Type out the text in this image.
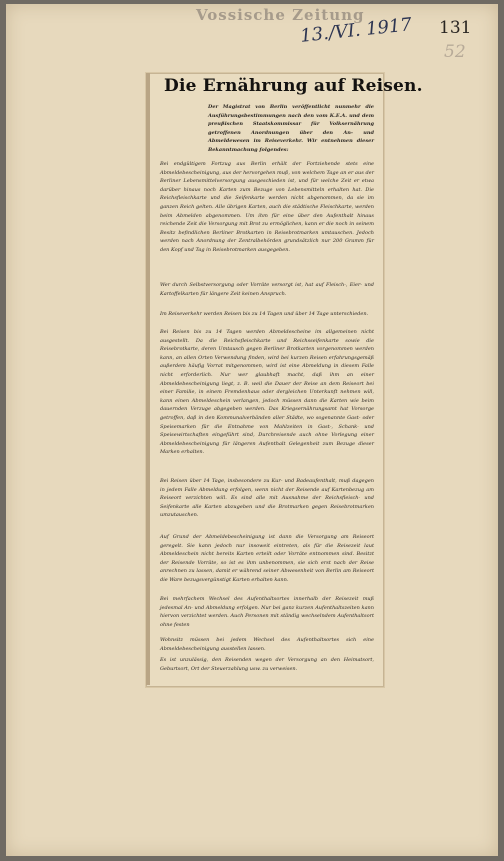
Vossische Zeitung
13./VI. 1917 131
52
Die Ernährung auf Reisen.
Der Magistrat von Berlin veröffentlicht nunmehr die Ausführungsbestimmungen nach den vom K.E.A. und dem preußischen Staatskommissar für Volksernährung getroffenen Anordnungen über den An- und Abmeldewesen im Reiseverkehr. Wir entnehmen dieser Bekanntmachung folgendes:
Bei endgültigem Fortzug aus Berlin erhält der Fortziehende stets eine Abmeldebescheinigung, aus der hervorgehen muß, von welchem Tage an er aus der Berliner Lebensmittelversorgung ausgeschieden ist, und für welche Zeit er etwa darüber hinaus noch Karten zum Bezuge von Lebensmitteln erhalten hat. Die Reichsfleischkarte und die Seifenkarte werden nicht abgenommen, da sie im ganzen Reich gelten. Alle übrigen Karten, auch die städtische Fleischkarte, werden beim Abmelden abgenommen. Um ihm für eine über den Aufenthalt hinaus reichende Zeit die Versorgung mit Brot zu ermöglichen, kann er die noch in seinem Besitz befindlichen Berliner Brotkarten in Reisebrotmarken umtauschen. Jedoch werden nach Anordnung der Zentralbehörden grundsätzlich nur 200 Gramm für den Kopf und Tag in Reisebrotmarken ausgegeben.
Wer durch Selbstversorgung oder Vorräte versorgt ist, hat auf Fleisch-, Eier- und Kartoffelkarten für längere Zeit keinen Anspruch.
Im Reiseverkehr werden Reisen bis zu 14 Tagen und über 14 Tage unterschieden.
Bei Reisen bis zu 14 Tagen werden Abmeldescheine im allgemeinen nicht ausgestellt. Da die Reichsfleischkarte und Reichsseifenkarte sowie die Reisebrotkarte, deren Umtausch gegen Berliner Brotkarten vorgenommen werden kann, an allen Orten Verwendung finden, wird bei kurzen Reisen erfahrungsgemäß außerdem häufig Vorrat mitgenommen, wird ist eine Abmeldung in diesem Falle nicht erforderlich. Nur wer glaubhaft macht, daß ihm an einer Abmeldebescheinigung liegt, z. B. weil die Dauer der Reise an dem Reiseort bei einer Familie, in einem Fremdenhaus oder dergleichen Unterkunft nehmen will, kann einen Abmeldeschein verlangen, jedoch müssen dann die Karten wie beim dauernden Verzuge abgegeben werden. Das Kriegsernährungsamt hat Vorsorge getroffen, daß in den Kommunalverbänden aller Städte, wo sogenannte Gast- oder Speisemarken für die Entnahme von Mahlzeiten in Gast-, Schank- und Speisewirtschaften eingeführt sind, Durchreisende auch ohne Vorlegung einer Abmeldebescheinigung für längeren Aufenthalt Gelegenheit zum Bezuge dieser Marken erhalten.
Bei Reisen über 14 Tage, insbesondere zu Kur- und Badeaufenthalt, muß dagegen in jedem Falle Abmeldung erfolgen, wenn nicht der Reisende auf Kartenbezug am Reiseort verzichten will. Es sind alle mit Ausnahme der Reichsfleisch- und Seifenkarte alle Karten abzugeben und die Brotmarken gegen Reisebrotmarken umzutauschen.
Auf Grund der Abmeldebescheinigung ist dann die Versorgung am Reiseort geregelt. Sie kann jedoch nur insoweit eintreten, als für die Reisezeit laut Abmeldeschein nicht bereits Karten erteilt oder Vorräte entnommen sind. Besitzt der Reisende Vorräte, so ist es ihm unbenommen, sie sich erst nach der Reise anrechnen zu lassen, damit er während seiner Abwesenheit von Berlin am Reiseort die Ware bezugsvergünstigt Karten erhalten kann.
Bei mehrfachem Wechsel des Aufenthaltsortes innerhalb der Reisezeit muß jedesmal An- und Abmeldung erfolgen. Nur bei ganz kurzen Aufenthaltszeiten kann hiervon verzichtet werden. Auch Personen mit ständig wechselndem Aufenthaltsort ohne festen
Wohnsitz müssen bei jedem Wechsel des Aufenthaltsortes sich eine Abmeldebescheinigung ausstellen lassen.
Es ist unzulässig, den Reisenden wegen der Versorgung an den Heimatsort, Geburtsort, Ort der Steuerzahlung usw. zu verweisen.
